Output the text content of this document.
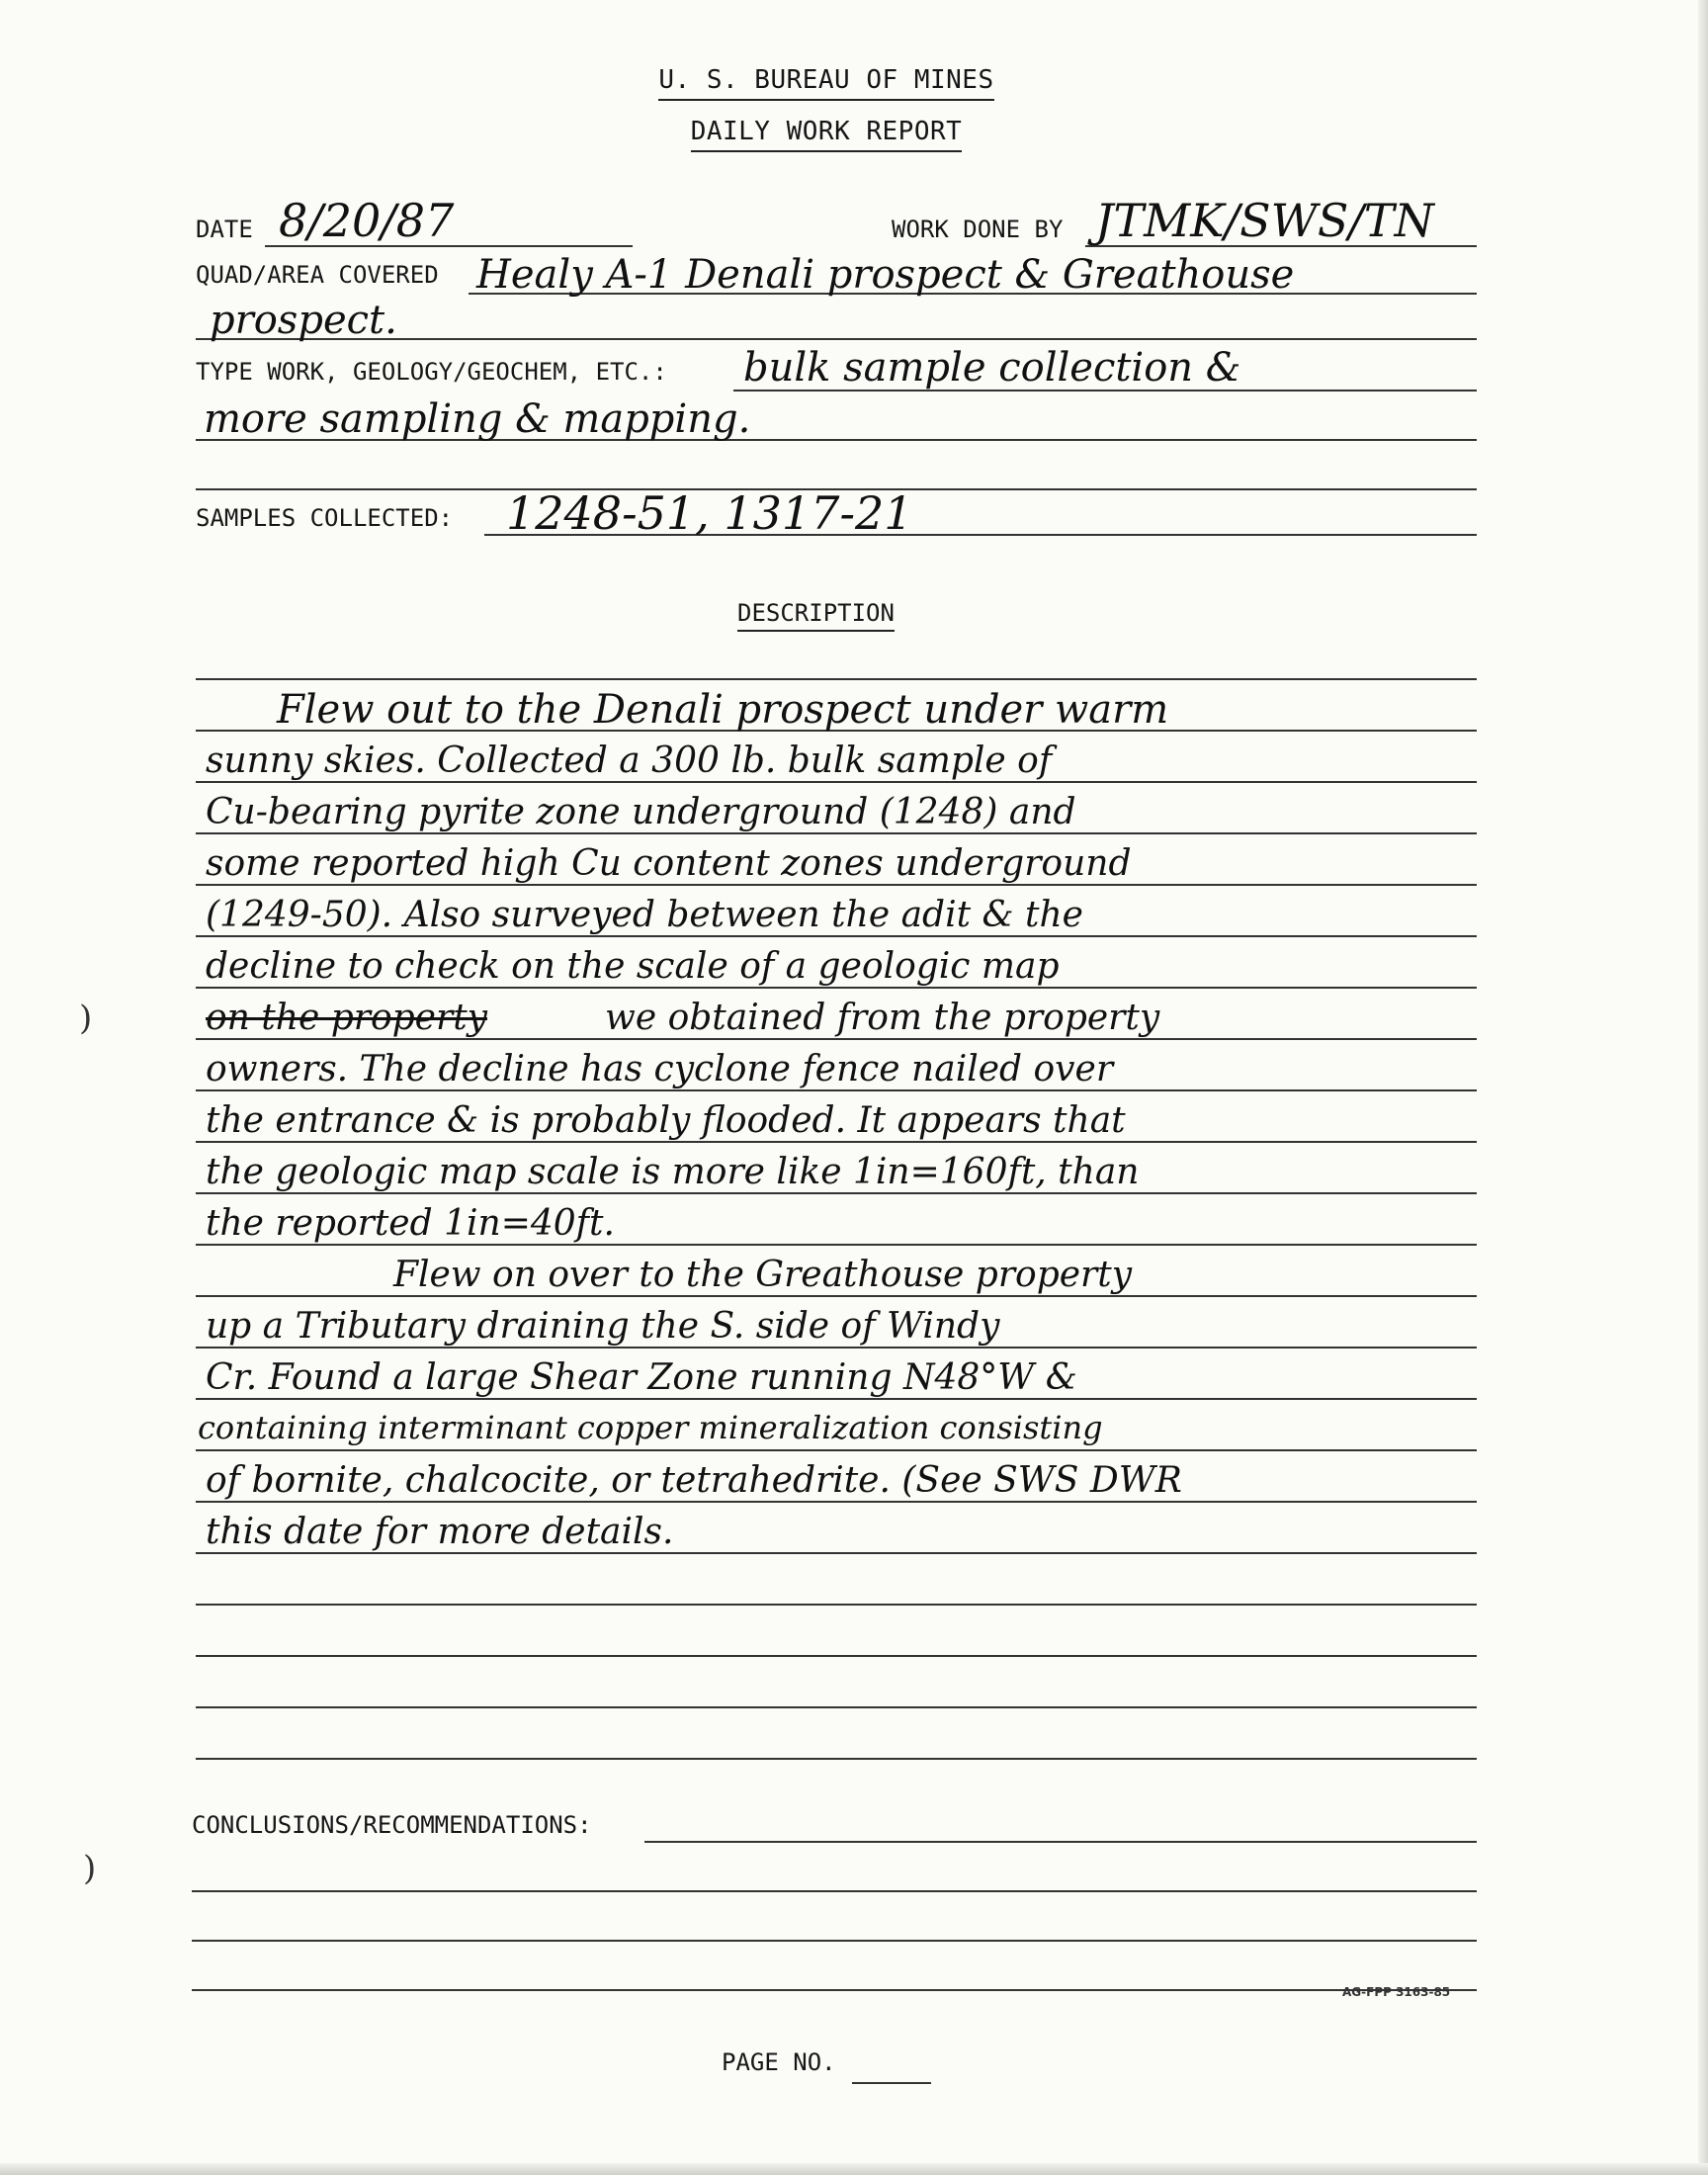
U. S. BUREAU OF MINES
DAILY WORK REPORT
DATE 8/20/87	WORK DONE BY JTMK/SWS/TN
QUAD/AREA COVERED Healy A-1 Denali prospect & Greathouse
prospect.
TYPE WORK, GEOLOGY/GEOCHEM, ETC.: bulk sample collection &
more sampling & mapping.
SAMPLES COLLECTED: 1248-51, 1317-21
DESCRIPTION
Flew out to the Denali prospect under warm
sunny skies. Collected a 300 lb. bulk sample of
Cu-bearing pyrite zone underground (1248) and
some reported high Cu content zones underground
(1249-50). Also surveyed between the adit & the
decline to check on the scale of a geologic map
on the property	we obtained from the property
owners. The decline has cyclone fence nailed over
the entrance & is probably flooded. It appears that
the geologic map scale is more like 1in=160ft, than
the reported 1in=40ft.
Flew on over to the Greathouse property
up a Tributary draining the S. side of Windy
Cr. Found a large Shear Zone running N48°W &
containing interminant copper mineralization consisting
of bornite, chalcocite, or tetrahedrite. (See SWS DWR
this date for more details.
CONCLUSIONS/RECOMMENDATIONS:
AG-FPP 3163-85
PAGE NO.
)
)
